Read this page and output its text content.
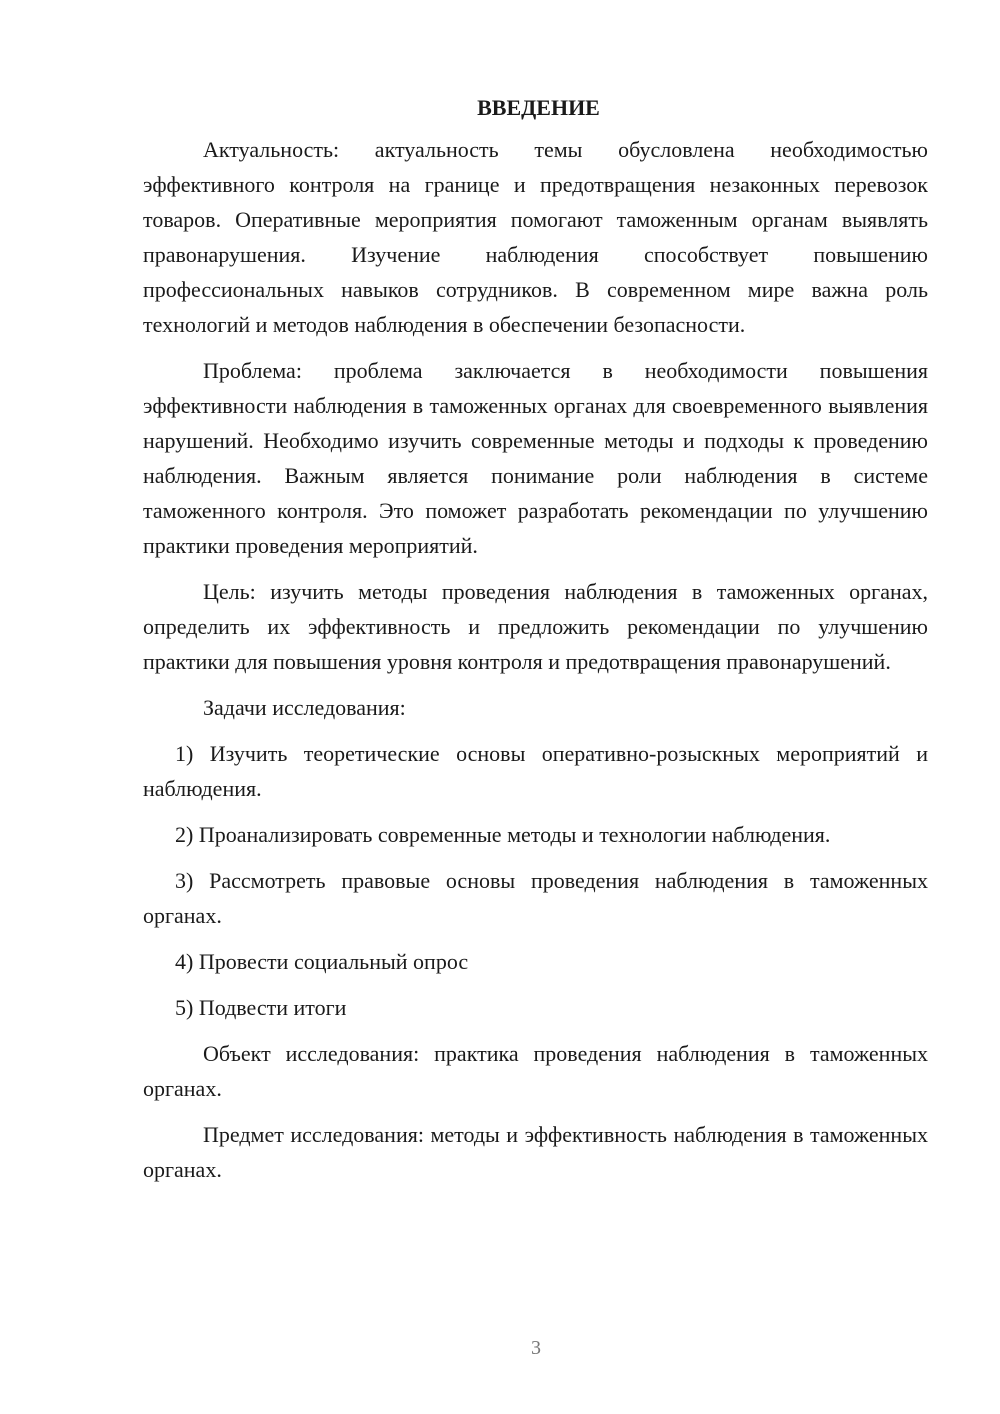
ВВЕДЕНИЕ

Актуальность: актуальность темы обусловлена необходимостью эффективного контроля на границе и предотвращения незаконных перевозок товаров. Оперативные мероприятия помогают таможенным органам выявлять правонарушения. Изучение наблюдения способствует повышению профессиональных навыков сотрудников. В современном мире важна роль технологий и методов наблюдения в обеспечении безопасности.

Проблема: проблема заключается в необходимости повышения эффективности наблюдения в таможенных органах для своевременного выявления нарушений. Необходимо изучить современные методы и подходы к проведению наблюдения. Важным является понимание роли наблюдения в системе таможенного контроля. Это поможет разработать рекомендации по улучшению практики проведения мероприятий.

Цель: изучить методы проведения наблюдения в таможенных органах, определить их эффективность и предложить рекомендации по улучшению практики для повышения уровня контроля и предотвращения правонарушений.

Задачи исследования:

1) Изучить теоретические основы оперативно-розыскных мероприятий и наблюдения.

2) Проанализировать современные методы и технологии наблюдения.

3) Рассмотреть правовые основы проведения наблюдения в таможенных органах.

4) Провести социальный опрос

5) Подвести итоги

Объект исследования: практика проведения наблюдения в таможенных органах.

Предмет исследования: методы и эффективность наблюдения в таможенных органах.

3
